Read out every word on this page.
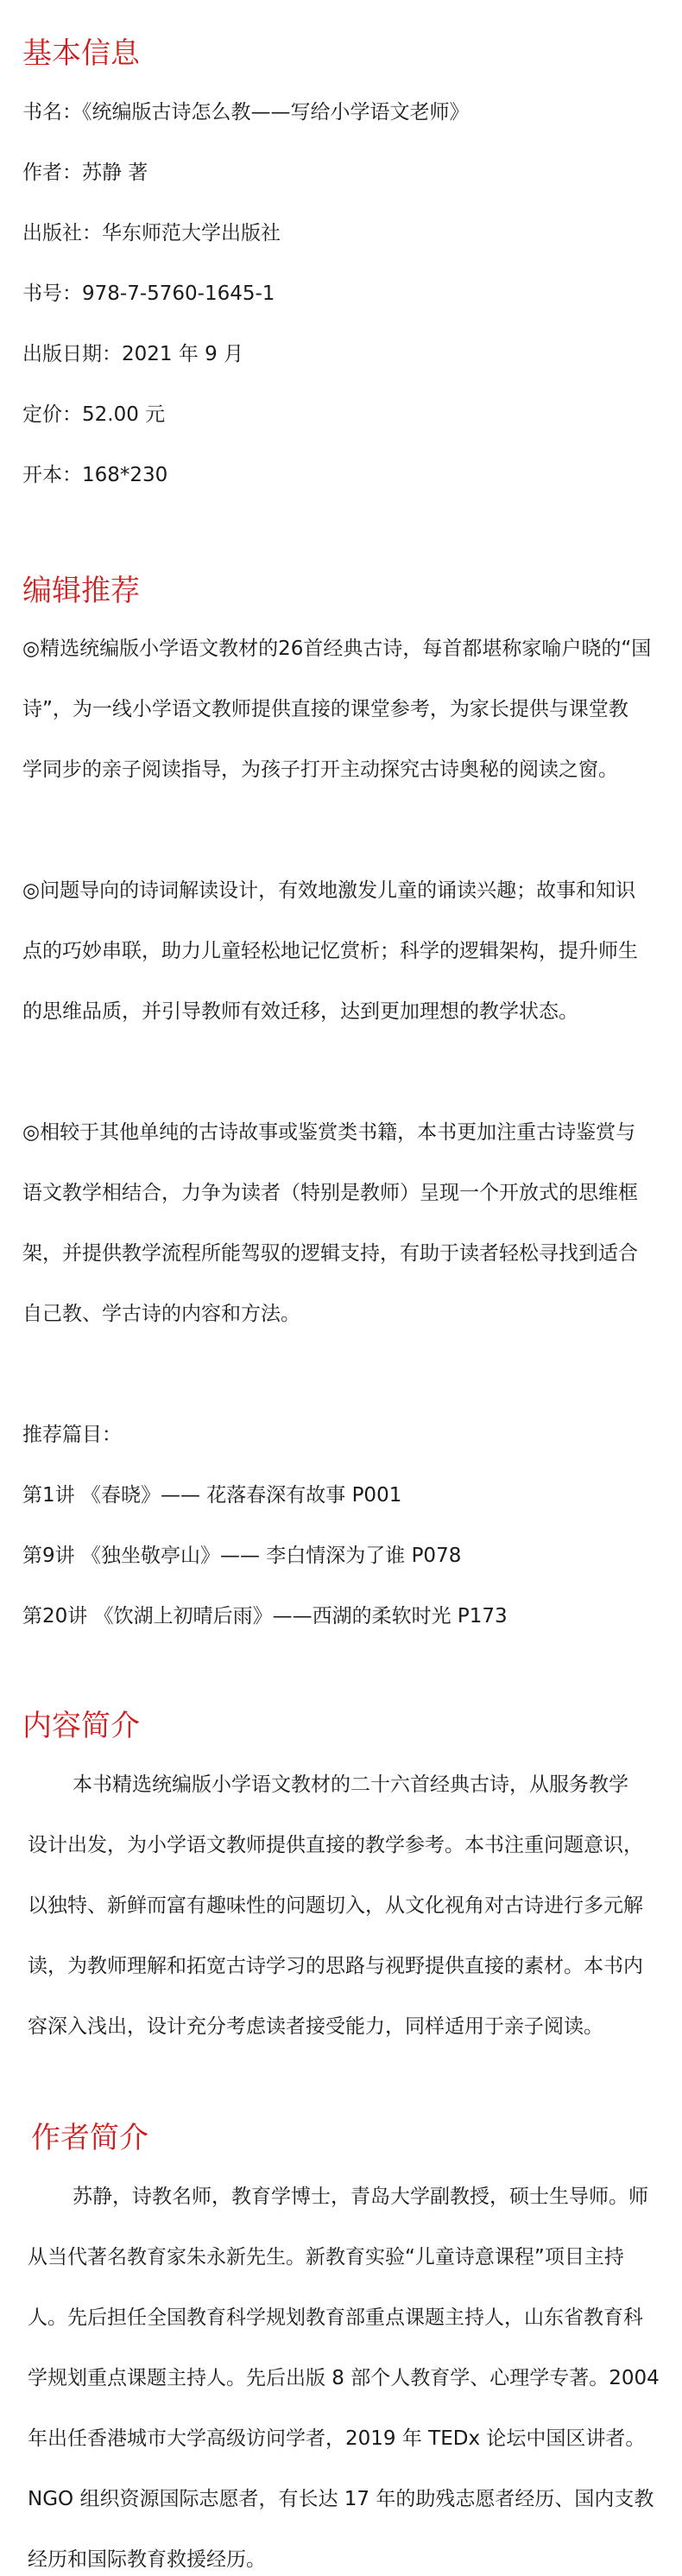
基本信息

书名：《统编版古诗怎么教——写给小学语文老师》

作者：苏静 著

出版社：华东师范大学出版社

书号：978-7-5760-1645-1

出版日期：2021 年 9 月

定价：52.00 元

开本：168*230

编辑推荐

◎精选统编版小学语文教材的26首经典古诗，每首都堪称家喻户晓的“国

诗”，为一线小学语文教师提供直接的课堂参考，为家长提供与课堂教

学同步的亲子阅读指导，为孩子打开主动探究古诗奥秘的阅读之窗。

◎问题导向的诗词解读设计，有效地激发儿童的诵读兴趣；故事和知识

点的巧妙串联，助力儿童轻松地记忆赏析；科学的逻辑架构，提升师生

的思维品质，并引导教师有效迁移，达到更加理想的教学状态。

◎相较于其他单纯的古诗故事或鉴赏类书籍，本书更加注重古诗鉴赏与

语文教学相结合，力争为读者（特别是教师）呈现一个开放式的思维框

架，并提供教学流程所能驾驭的逻辑支持，有助于读者轻松寻找到适合

自己教、学古诗的内容和方法。

推荐篇目：

第1讲 《春晓》—— 花落春深有故事 P001

第9讲 《独坐敬亭山》—— 李白情深为了谁 P078

第20讲 《饮湖上初晴后雨》——西湖的柔软时光 P173

内容简介

本书精选统编版小学语文教材的二十六首经典古诗，从服务教学

设计出发，为小学语文教师提供直接的教学参考。本书注重问题意识，

以独特、新鲜而富有趣味性的问题切入，从文化视角对古诗进行多元解

读，为教师理解和拓宽古诗学习的思路与视野提供直接的素材。本书内

容深入浅出，设计充分考虑读者接受能力，同样适用于亲子阅读。

作者简介

苏静，诗教名师，教育学博士，青岛大学副教授，硕士生导师。师

从当代著名教育家朱永新先生。新教育实验“儿童诗意课程”项目主持

人。先后担任全国教育科学规划教育部重点课题主持人，山东省教育科

学规划重点课题主持人。先后出版 8 部个人教育学、心理学专著。2004

年出任香港城市大学高级访问学者，2019 年 TEDx 论坛中国区讲者。

NGO 组织资源国际志愿者，有长达 17 年的助残志愿者经历、国内支教

经历和国际教育救援经历。
